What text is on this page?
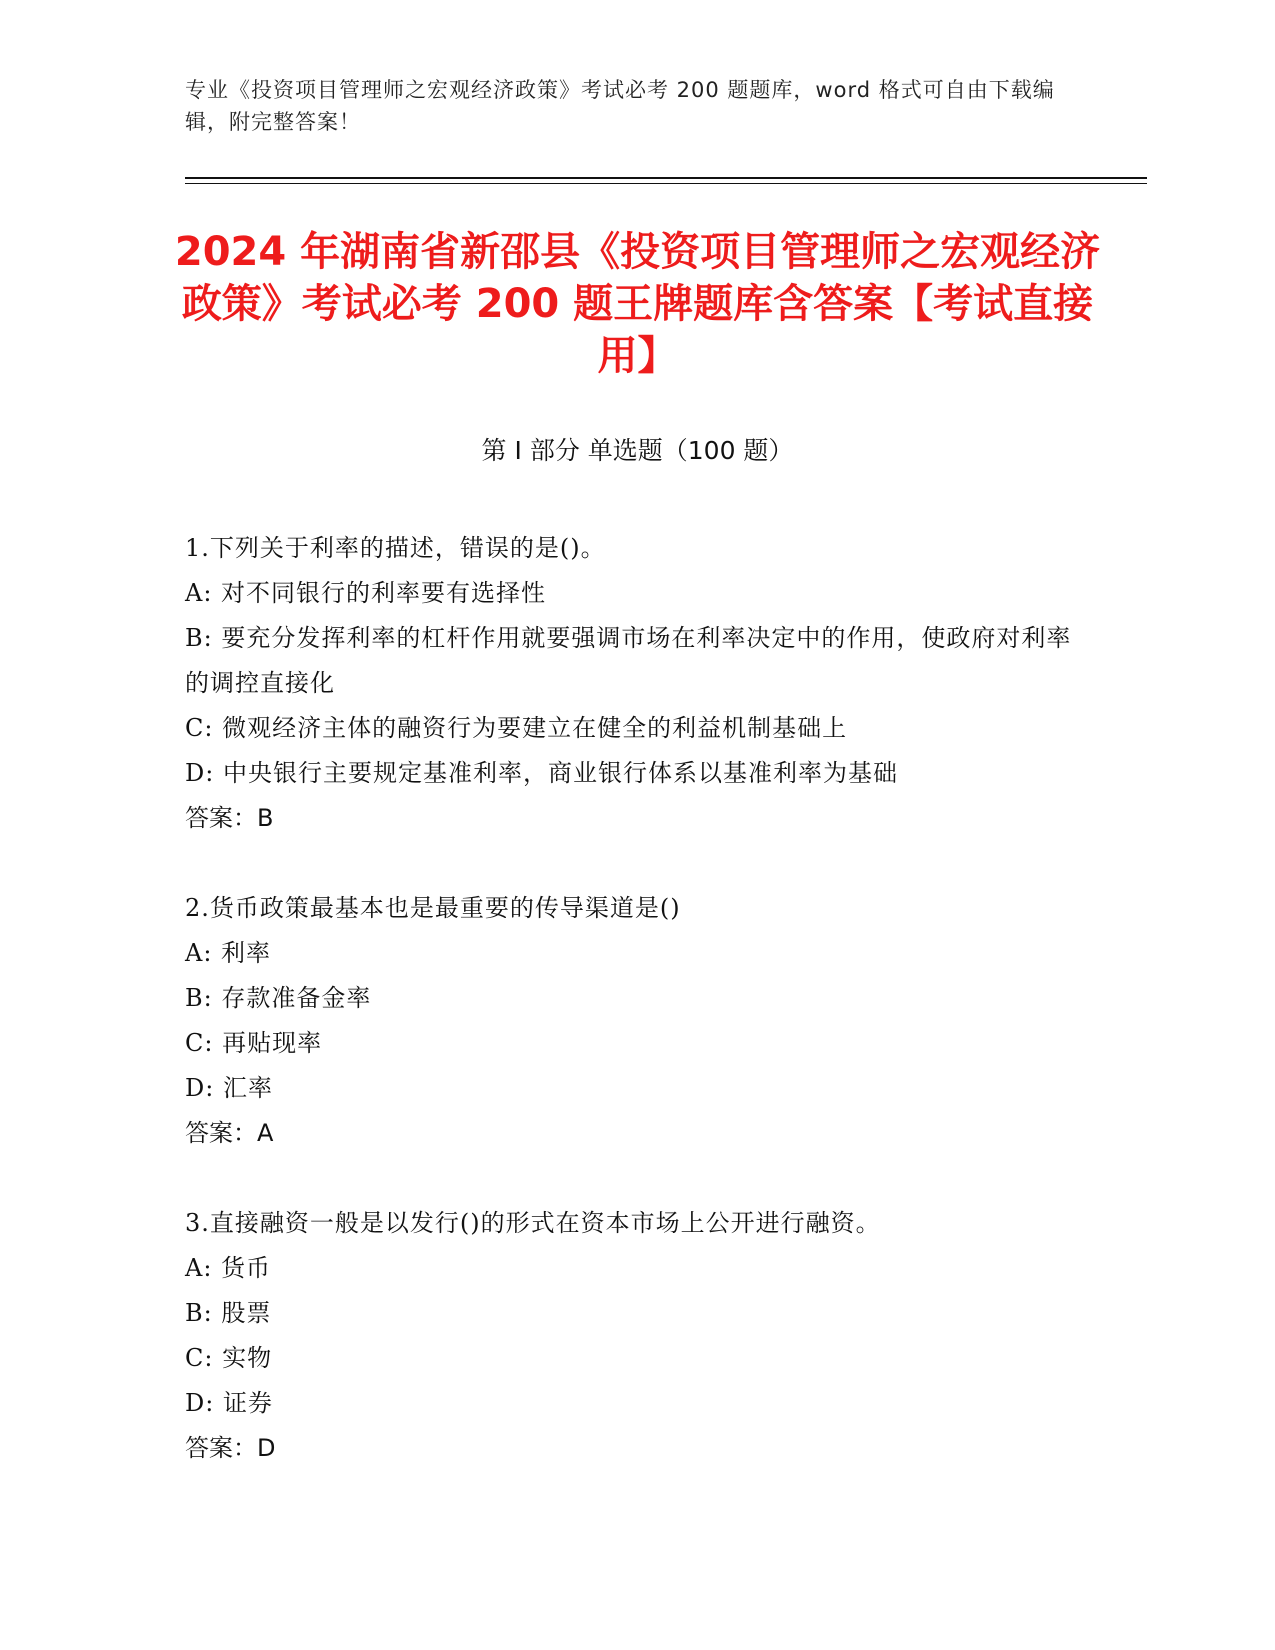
专业《投资项目管理师之宏观经济政策》考试必考 200 题题库，word 格式可自由下载编辑，附完整答案！
2024 年湖南省新邵县《投资项目管理师之宏观经济政策》考试必考 200 题王牌题库含答案【考试直接用】
第 I 部分 单选题（100 题）
1.下列关于利率的描述，错误的是()。
A: 对不同银行的利率要有选择性
B: 要充分发挥利率的杠杆作用就要强调市场在利率决定中的作用，使政府对利率的调控直接化
C: 微观经济主体的融资行为要建立在健全的利益机制基础上
D: 中央银行主要规定基准利率，商业银行体系以基准利率为基础
答案：B
2.货币政策最基本也是最重要的传导渠道是()
A: 利率
B: 存款准备金率
C: 再贴现率
D: 汇率
答案：A
3.直接融资一般是以发行()的形式在资本市场上公开进行融资。
A: 货币
B: 股票
C: 实物
D: 证券
答案：D
